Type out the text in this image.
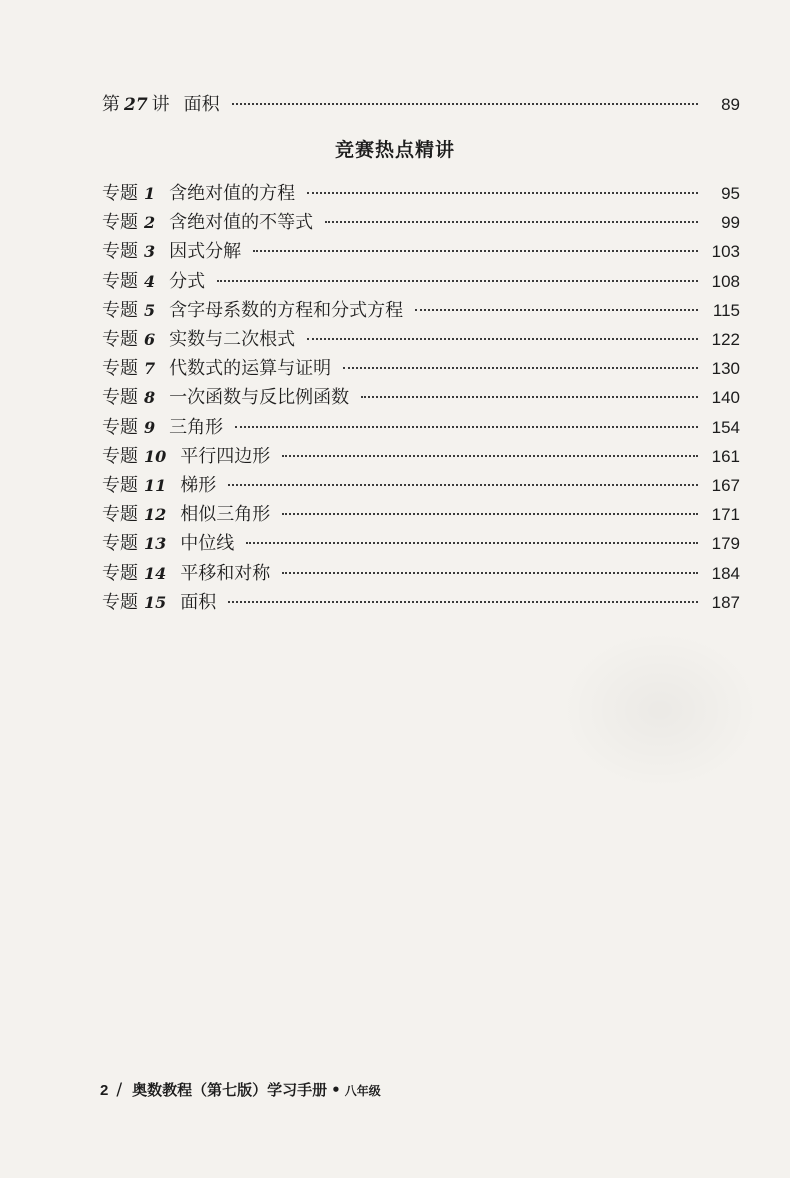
第 27 讲 面积	89
竞赛热点精讲
专题 1 含绝对值的方程	95
专题 2 含绝对值的不等式	99
专题 3 因式分解	103
专题 4 分式	108
专题 5 含字母系数的方程和分式方程	115
专题 6 实数与二次根式	122
专题 7 代数式的运算与证明	130
专题 8 一次函数与反比例函数	140
专题 9 三角形	154
专题 10 平行四边形	161
专题 11 梯形	167
专题 12 相似三角形	171
专题 13 中位线	179
专题 14 平移和对称	184
专题 15 面积	187
2 / 奥数教程（第七版）学习手册 • 八年级
